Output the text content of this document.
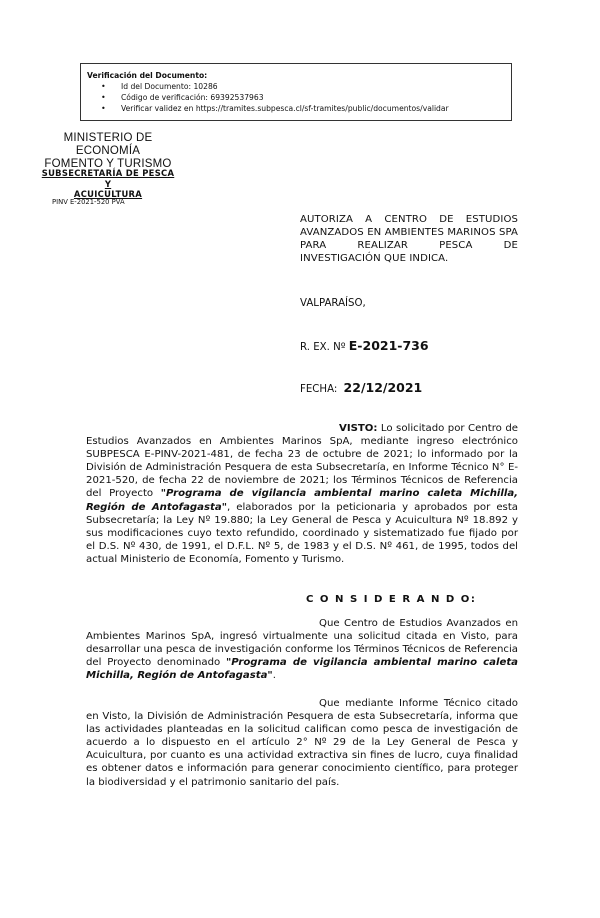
Verificación del Documento:
• Id del Documento: 10286
• Código de verificación: 69392537963
• Verificar validez en https://tramites.subpesca.cl/sf-tramites/public/documentos/validar
MINISTERIO DE ECONOMÍA
FOMENTO Y TURISMO
SUBSECRETARÍA DE PESCA Y
ACUICULTURA
PINV E-2021-520 PVA
AUTORIZA A CENTRO DE ESTUDIOS AVANZADOS EN AMBIENTES MARINOS SPA PARA REALIZAR PESCA DE INVESTIGACIÓN QUE INDICA.
VALPARAÍSO,
R. EX. Nº E-2021-736
FECHA: 22/12/2021
VISTO: Lo solicitado por Centro de Estudios Avanzados en Ambientes Marinos SpA, mediante ingreso electrónico SUBPESCA E-PINV-2021-481, de fecha 23 de octubre de 2021; lo informado por la División de Administración Pesquera de esta Subsecretaría, en Informe Técnico N° E-2021-520, de fecha 22 de noviembre de 2021; los Términos Técnicos de Referencia del Proyecto "Programa de vigilancia ambiental marino caleta Michilla, Región de Antofagasta", elaborados por la peticionaria y aprobados por esta Subsecretaría; la Ley Nº 19.880; la Ley General de Pesca y Acuicultura Nº 18.892 y sus modificaciones cuyo texto refundido, coordinado y sistematizado fue fijado por el D.S. Nº 430, de 1991, el D.F.L. Nº 5, de 1983 y el D.S. Nº 461, de 1995, todos del actual Ministerio de Economía, Fomento y Turismo.
C O N S I D E R A N D O:
Que Centro de Estudios Avanzados en Ambientes Marinos SpA, ingresó virtualmente una solicitud citada en Visto, para desarrollar una pesca de investigación conforme los Términos Técnicos de Referencia del Proyecto denominado "Programa de vigilancia ambiental marino caleta Michilla, Región de Antofagasta".
Que mediante Informe Técnico citado en Visto, la División de Administración Pesquera de esta Subsecretaría, informa que las actividades planteadas en la solicitud califican como pesca de investigación de acuerdo a lo dispuesto en el artículo 2° Nº 29 de la Ley General de Pesca y Acuicultura, por cuanto es una actividad extractiva sin fines de lucro, cuya finalidad es obtener datos e información para generar conocimiento científico, para proteger la biodiversidad y el patrimonio sanitario del país.
